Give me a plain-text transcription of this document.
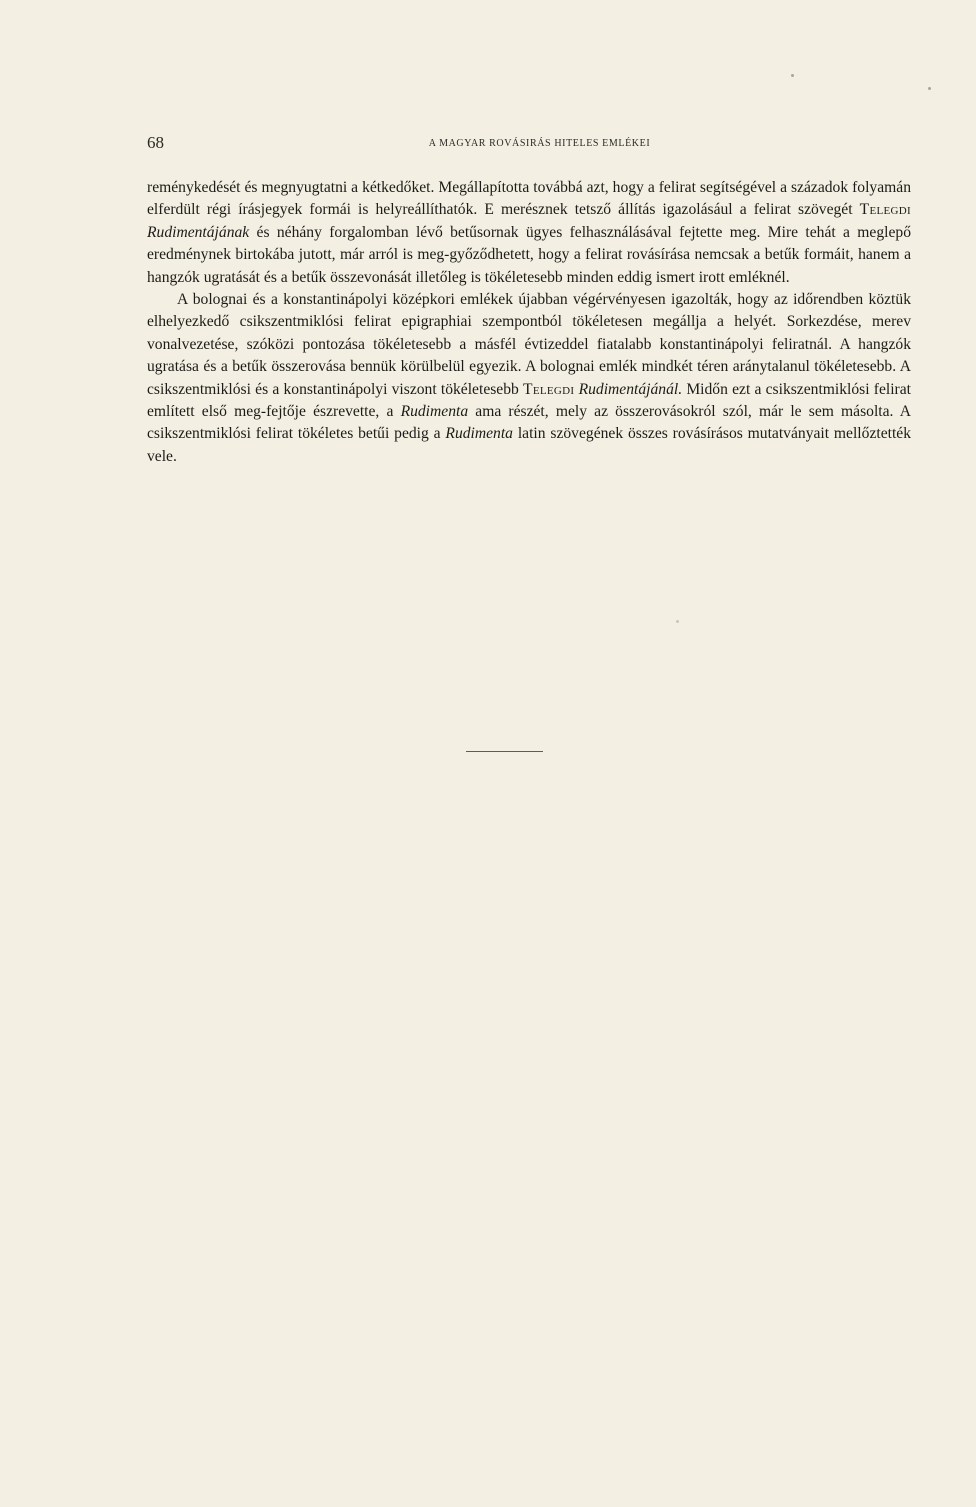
68	A MAGYAR ROVÁSIRÁS HITELES EMLÉKEI

reménykedését és megnyugtatni a kétkedőket. Megállapította továbbá azt, hogy a felirat segítségével a századok folyamán elferdült régi írásjegyek formái is helyreállíthatók. E merésznek tetsző állítás igazolásául a felirat szövegét Telegdi Rudimentájának és néhány forgalomban lévő betűsornak ügyes felhasználásával fejtette meg. Mire tehát a meglepő eredménynek birtokába jutott, már arról is meg-győződhetett, hogy a felirat rovásírása nemcsak a betűk formáit, hanem a hangzók ugratását és a betűk összevonását illetőleg is tökéletesebb minden eddig ismert irott emléknél.

A bolognai és a konstantinápolyi középkori emlékek újabban végérvényesen igazolták, hogy az időrendben köztük elhelyezkedő csikszentmiklósi felirat epigraphiai szempontból tökéletesen megállja a helyét. Sorkezdése, merev vonalvezetése, szóközi pontozása tökéletesebb a másfél évtizeddel fiatalabb konstantinápolyi feliratnál. A hangzók ugratása és a betűk összerovása bennük körülbelül egyezik. A bolognai emlék mindkét téren aránytalanul tökéletesebb. A csikszentmiklósi és a konstantinápolyi viszont tökéletesebb Telegdi Rudimentájánál. Midőn ezt a csikszentmiklósi felirat említett első meg-fejtője észrevette, a Rudimenta ama részét, mely az összerovásokról szól, már le sem másolta. A csikszentmiklósi felirat tökéletes betűi pedig a Rudimenta latin szövegének összes rovásírásos mutatványait mellőztették vele.
